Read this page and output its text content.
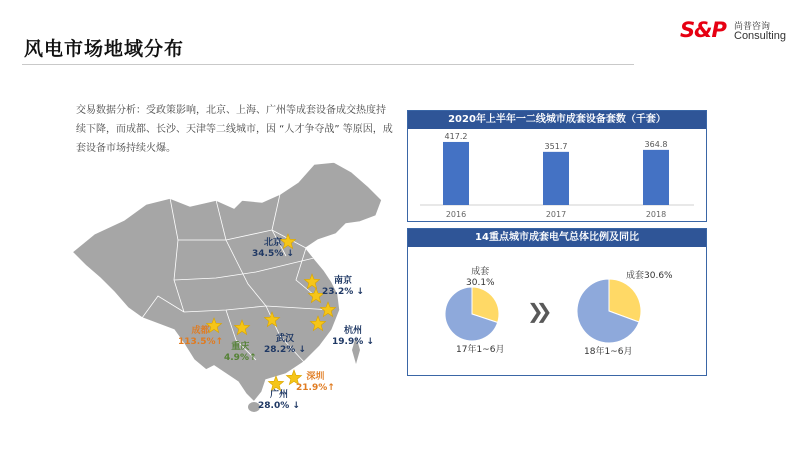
风电市场地域分布
S&P 尚普咨询
Consulting
交易数据分析：受政策影响，北京、上海、广州等成套设备成交热度持续下降，而成都、长沙、天津等二线城市，因 “人才争夺战” 等原因，成套设备市场持续火爆。
北京
34.5% ↓
南京
23.2% ↓
成都
113.5%↑ 重庆
4.9%↑
武汉
28.2% ↓
杭州
19.9% ↓
深圳
21.9%↑
广州
28.0% ↓
2020年上半年一二线城市成套设备套数（千套）
417.2
2016
351.7
2017
364.8
2018
14重点城市成套电气总体比例及同比
❯❯
成套
30.1%
成套30.6%
17年1~6月	18年1~6月
